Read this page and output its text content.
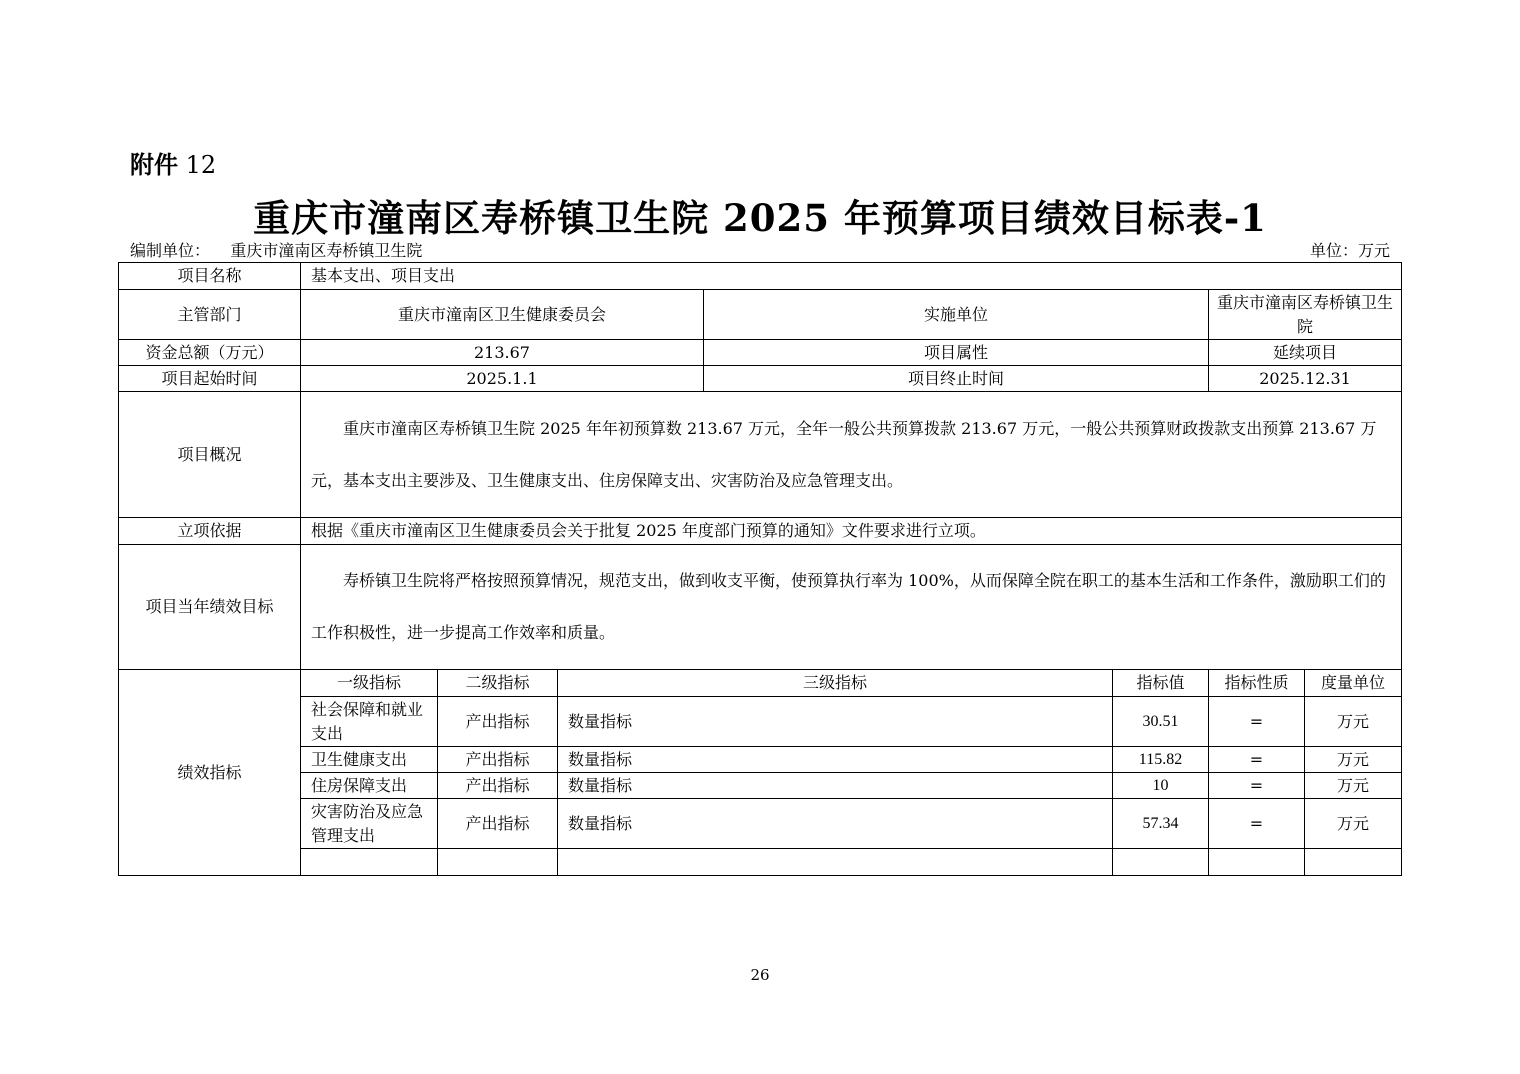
附件 12
重庆市潼南区寿桥镇卫生院 2025 年预算项目绩效目标表-1
编制单位： 重庆市潼南区寿桥镇卫生院	单位：万元
项目名称	基本支出、项目支出						
主管部门	重庆市潼南区卫生健康委员会			实施单位		重庆市潼南区寿桥镇卫生院	
资金总额（万元）	213.67			项目属性		延续项目	
项目起始时间	2025.1.1			项目终止时间		2025.12.31	
项目概况	重庆市潼南区寿桥镇卫生院 2025 年年初预算数 213.67 万元，全年一般公共预算拨款 213.67 万元，一般公共预算财政拨款支出预算 213.67 万元，基本支出主要涉及、卫生健康支出、住房保障支出、灾害防治及应急管理支出。						

立项依据	根据《重庆市潼南区卫生健康委员会关于批复 2025 年度部门预算的通知》文件要求进行立项。						
项目当年绩效目标	寿桥镇卫生院将严格按照预算情况，规范支出，做到收支平衡，使预算执行率为 100%，从而保障全院在职工的基本生活和工作条件，激励职工们的工作积极性，进一步提高工作效率和质量。						

绩效指标	一级指标	二级指标	三级指标		指标值	指标性质	度量单位
	社会保障和就业支出	产出指标	数量指标		30.51	=	万元
	卫生健康支出	产出指标	数量指标		115.82	=	万元
	住房保障支出	产出指标	数量指标		10	=	万元
	灾害防治及应急管理支出	产出指标	数量指标		57.34	=	万元

26
